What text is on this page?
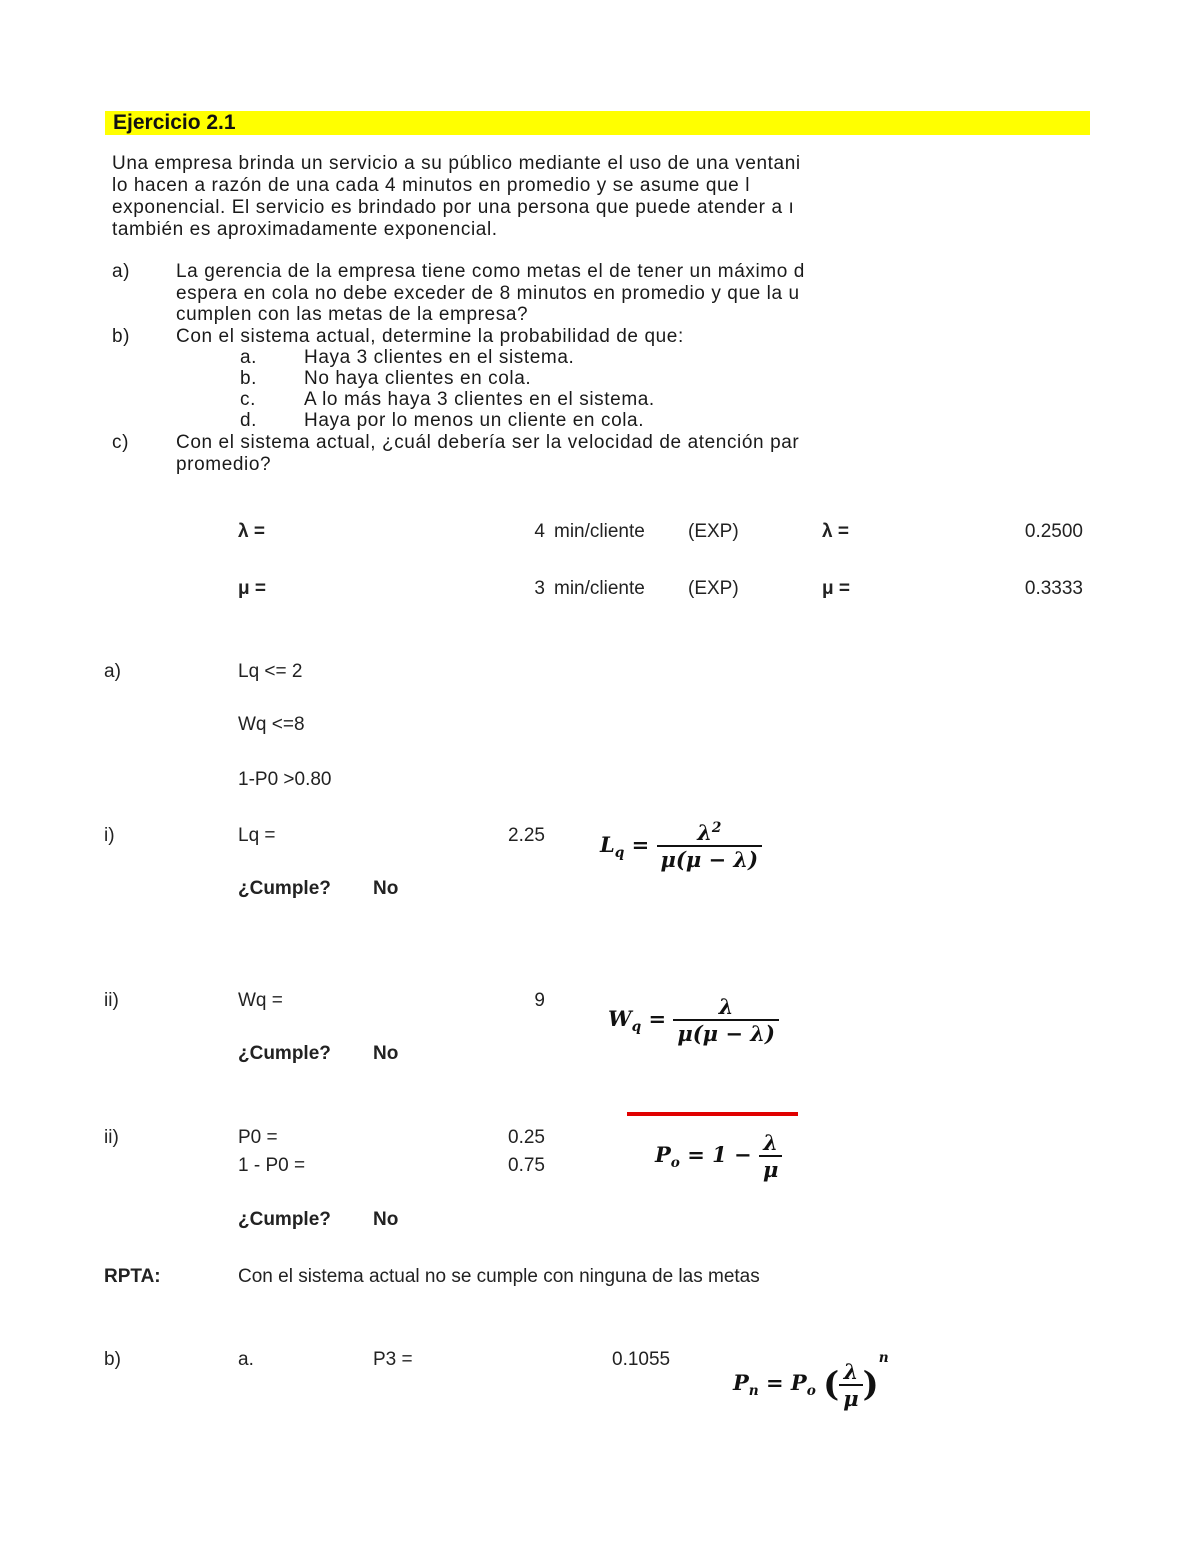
Ejercicio 2.1
Una empresa brinda un servicio a su público mediante el uso de una ventani
lo hacen a razón de una cada 4 minutos en promedio y se asume que l
exponencial. El servicio es brindado por una persona que puede atender a ı
también es aproximadamente exponencial.
a) La gerencia de la empresa tiene como metas el de tener un máximo d
espera en cola no debe exceder de 8 minutos en promedio y que la u
cumplen con las metas de la empresa?
b) Con el sistema actual, determine la probabilidad de que:
a. Haya 3 clientes en el sistema.
b. No haya clientes en cola.
c.	A lo más haya 3 clientes en el sistema.
d. Haya por lo menos un cliente en cola.
c) Con el sistema actual, ¿cuál debería ser la velocidad de atención par
promedio?
λ =	4 min/cliente (EXP)	λ =	0.2500
μ =	3 min/cliente (EXP)	μ =	0.3333
a)	Lq <= 2
Wq <=8
1-P0 >0.80
i)	Lq =	2.25
¿Cumple? No
$L_q = \frac{\lambda^2}{\mu(\mu - \lambda)}$
ii)	Wq =	9
¿Cumple? No
$W_q = \frac{\lambda}{\mu(\mu - \lambda)}$
ii)	P0 =	0.25
1 - P0 =	0.75
¿Cumple? No
$P_o = 1 - \frac{\lambda}{\mu}$
RPTA:	Con el sistema actual no se cumple con ninguna de las metas
b)	a.	P3 =	0.1055
$P_n = P_o$ ( $\frac{\lambda}{\mu} )^n$
